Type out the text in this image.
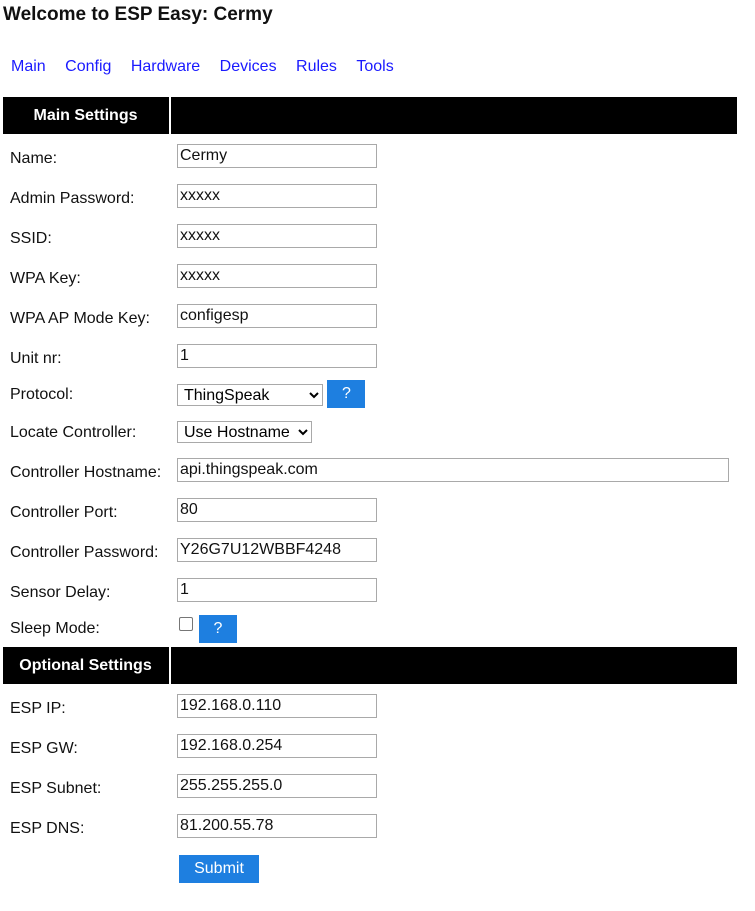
Welcome to ESP Easy: Cermy
Main Config Hardware Devices Rules Tools
Main Settings
Name:
Cermy
Admin Password:
xxxxx
SSID:
xxxxx
WPA Key:
xxxxx
WPA AP Mode Key:
configesp
Unit nr:
1
Protocol:
ThingSpeak	?
Locate Controller:
Use Hostname
Controller Hostname:
api.thingspeak.com
Controller Port:
80
Controller Password:
Y26G7U12WBBF4248
Sensor Delay:
1
Sleep Mode:	?
Optional Settings
ESP IP:
192.168.0.110
ESP GW:
192.168.0.254
ESP Subnet:
255.255.255.0
ESP DNS:
81.200.55.78
Submit
